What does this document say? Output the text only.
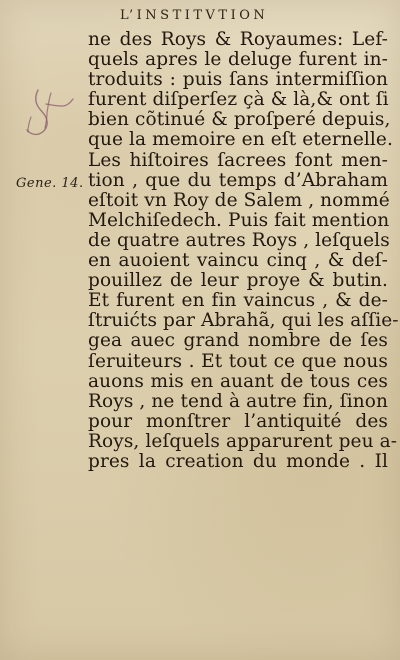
L’INSTITVTION
Gene. 14.
ne des Roys & Royaumes: Lef-
quels apres le deluge furent in-
troduits : puis ſans intermiſſion
furent diſperſez çà & là,& ont ſi
bien cõtinué & proſperé depuis,
que la memoire en eſt eternelle.
Les hiſtoires ſacrees font men-
tion , que du temps d’Abraham
eſtoit vn Roy de Salem , nommé
Melchiſedech. Puis fait mention
de quatre autres Roys , leſquels
en auoient vaincu cinq , & deſ-
pouillez de leur proye & butin.
Et furent en fin vaincus , & de-
ſtruićts par Abrahã, qui les aſſie-
gea auec grand nombre de ſes
ſeruiteurs . Et tout ce que nous
auons mis en auant de tous ces
Roys , ne tend à autre fin, ſinon
pour monſtrer l’antiquité des
Roys, leſquels apparurent peu a-
pres la creation du monde . Il
